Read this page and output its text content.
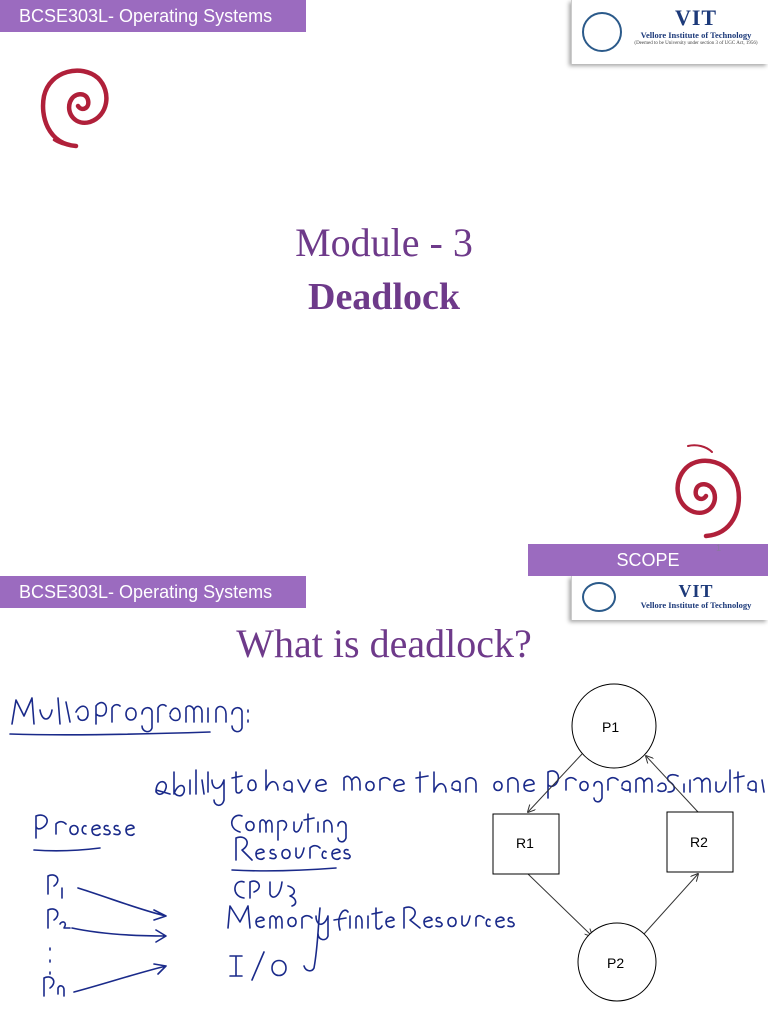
BCSE303L- Operating Systems	VIT
Vellore Institute of Technology
(Deemed to be University under section 3 of UGC Act, 1956)
Module - 3
Deadlock
SCOPE
1
BCSE303L- Operating Systems	VIT
Vellore Institute of Technology
What is deadlock?
P1
R1	R2
P2
